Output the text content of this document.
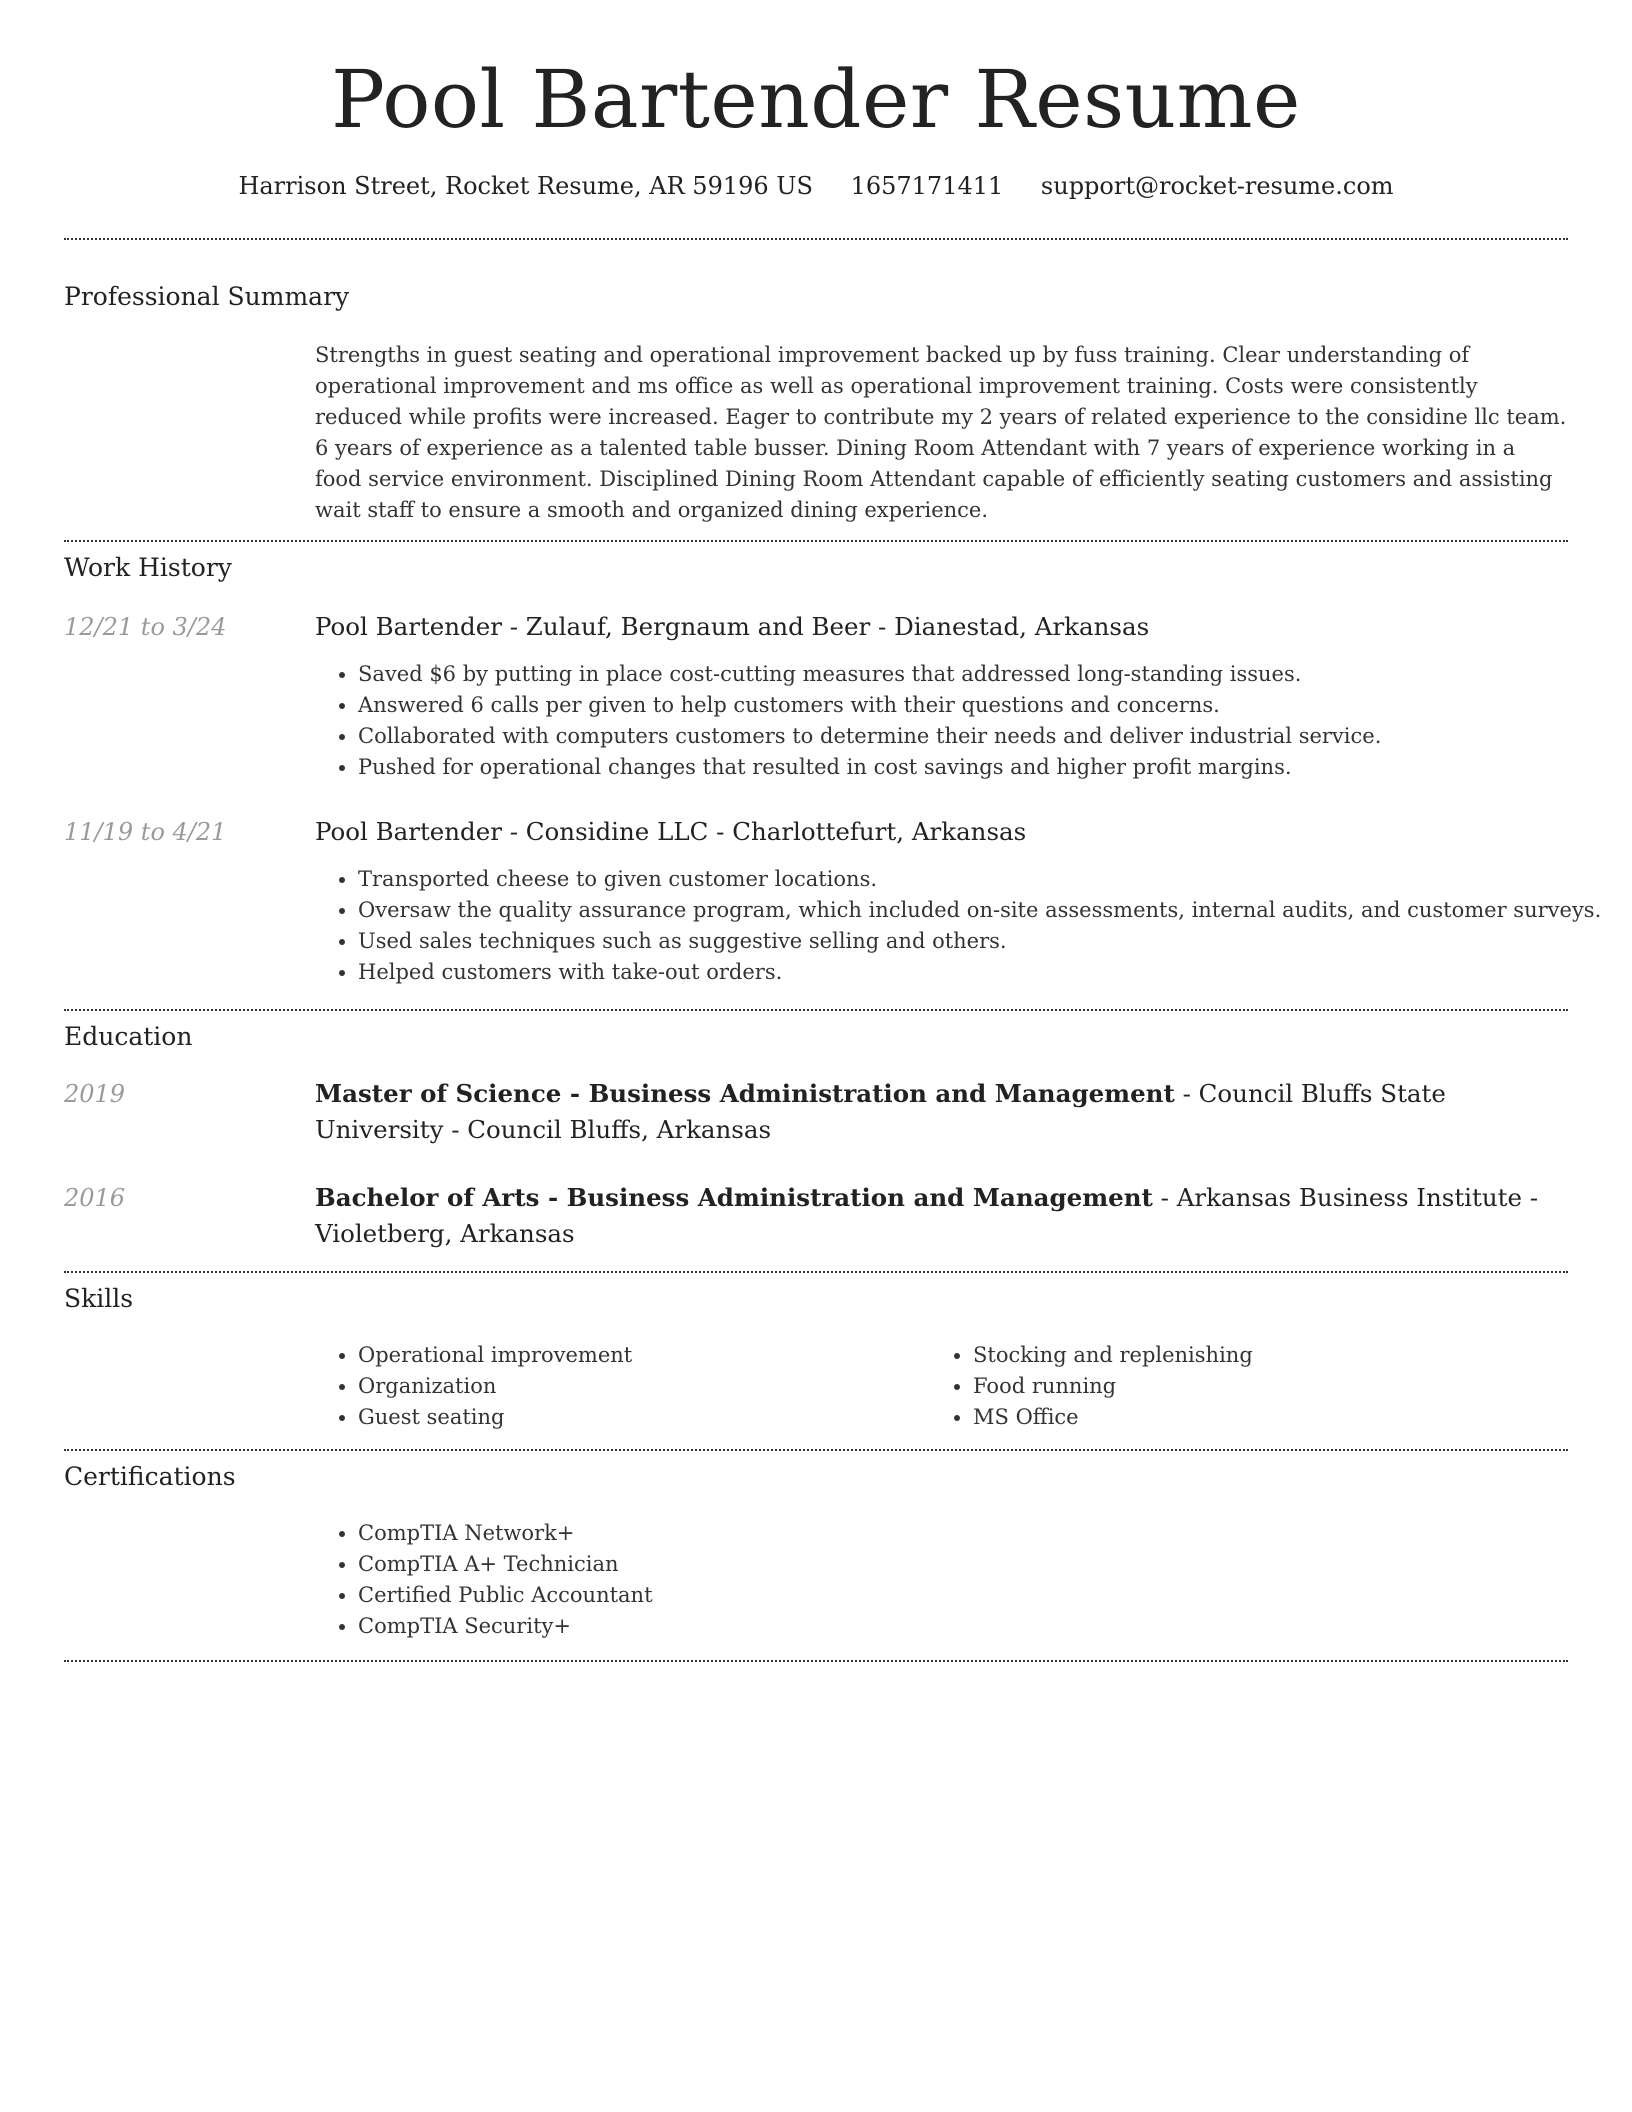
Pool Bartender Resume
Harrison Street, Rocket Resume, AR 59196 US 1657171411 support@rocket-resume.com
Professional Summary
Strengths in guest seating and operational improvement backed up by fuss training. Clear understanding of operational improvement and ms office as well as operational improvement training. Costs were consistently reduced while profits were increased. Eager to contribute my 2 years of related experience to the considine llc team. 6 years of experience as a talented table busser. Dining Room Attendant with 7 years of experience working in a food service environment. Disciplined Dining Room Attendant capable of efficiently seating customers and assisting wait staff to ensure a smooth and organized dining experience.
Work History
12/21 to 3/24	Pool Bartender - Zulauf, Bergnaum and Beer - Dianestad, Arkansas
• Saved $6 by putting in place cost-cutting measures that addressed long-standing issues.
• Answered 6 calls per given to help customers with their questions and concerns.
• Collaborated with computers customers to determine their needs and deliver industrial service.
• Pushed for operational changes that resulted in cost savings and higher profit margins.
11/19 to 4/21	Pool Bartender - Considine LLC - Charlottefurt, Arkansas
• Transported cheese to given customer locations.
• Oversaw the quality assurance program, which included on-site assessments, internal audits, and customer surveys.
• Used sales techniques such as suggestive selling and others.
• Helped customers with take-out orders.
Education
2019	Master of Science - Business Administration and Management - Council Bluffs State University - Council Bluffs, Arkansas
2016	Bachelor of Arts - Business Administration and Management - Arkansas Business Institute - Violetberg, Arkansas
Skills
• Operational improvement
• Organization
• Guest seating
• Stocking and replenishing
• Food running
• MS Office
Certifications
• CompTIA Network+
• CompTIA A+ Technician
• Certified Public Accountant
• CompTIA Security+
